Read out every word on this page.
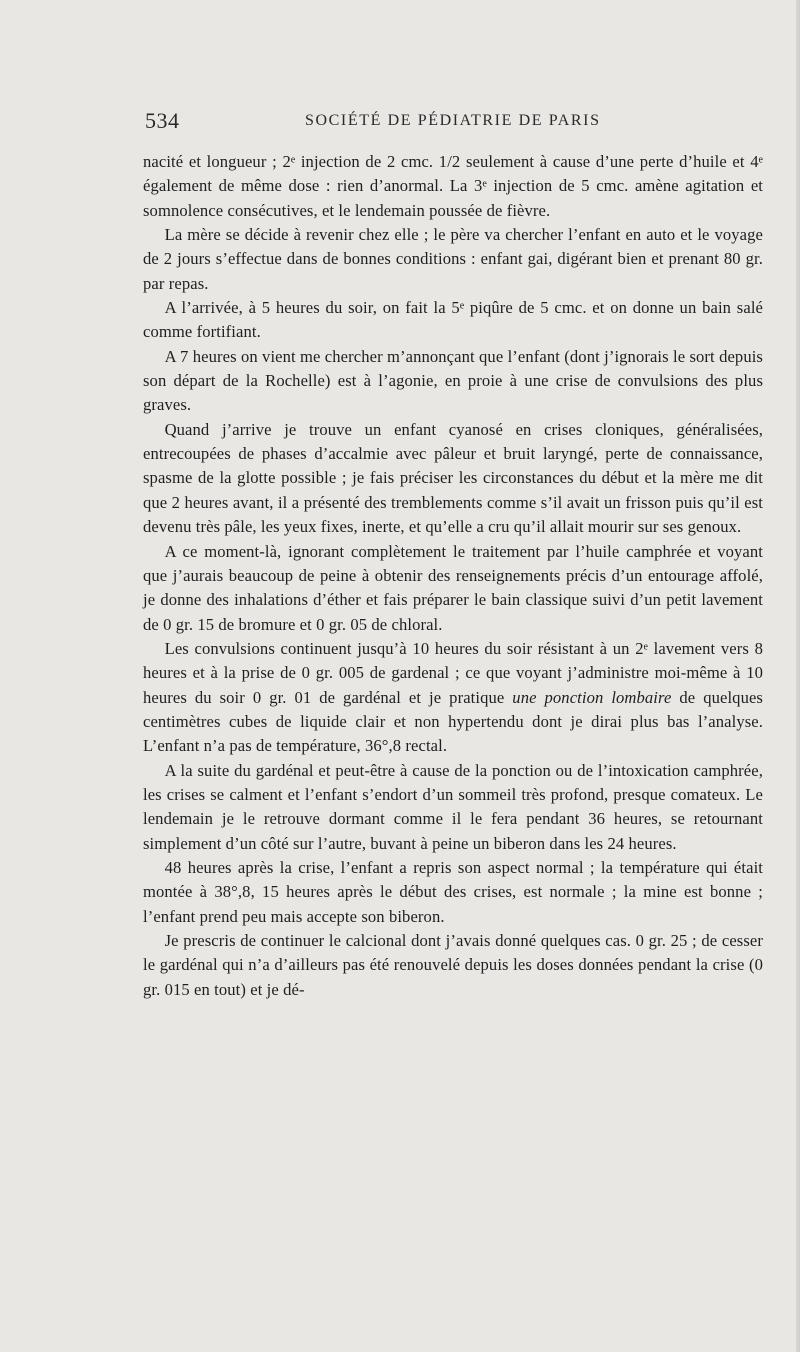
534	SOCIÉTÉ DE PÉDIATRIE DE PARIS

nacité et longueur ; 2ᵉ injection de 2 cmc. 1/2 seulement à cause d’une perte d’huile et 4ᵉ également de même dose : rien d’anormal. La 3ᵉ injection de 5 cmc. amène agitation et somnolence consécutives, et le lendemain poussée de fièvre.

La mère se décide à revenir chez elle ; le père va chercher l’enfant en auto et le voyage de 2 jours s’effectue dans de bonnes conditions : enfant gai, digérant bien et prenant 80 gr. par repas.

A l’arrivée, à 5 heures du soir, on fait la 5ᵉ piqûre de 5 cmc. et on donne un bain salé comme fortifiant.

A 7 heures on vient me chercher m’annonçant que l’enfant (dont j’ignorais le sort depuis son départ de la Rochelle) est à l’agonie, en proie à une crise de convulsions des plus graves.

Quand j’arrive je trouve un enfant cyanosé en crises cloniques, généralisées, entrecoupées de phases d’accalmie avec pâleur et bruit laryngé, perte de connaissance, spasme de la glotte possible ; je fais préciser les circonstances du début et la mère me dit que 2 heures avant, il a présenté des tremblements comme s’il avait un frisson puis qu’il est devenu très pâle, les yeux fixes, inerte, et qu’elle a cru qu’il allait mourir sur ses genoux.

A ce moment-là, ignorant complètement le traitement par l’huile camphrée et voyant que j’aurais beaucoup de peine à obtenir des renseignements précis d’un entourage affolé, je donne des inhalations d’éther et fais préparer le bain classique suivi d’un petit lavement de 0 gr. 15 de bromure et 0 gr. 05 de chloral.

Les convulsions continuent jusqu’à 10 heures du soir résistant à un 2ᵉ lavement vers 8 heures et à la prise de 0 gr. 005 de gardenal ; ce que voyant j’administre moi-même à 10 heures du soir 0 gr. 01 de gardénal et je pratique une ponction lombaire de quelques centimètres cubes de liquide clair et non hypertendu dont je dirai plus bas l’analyse. L’enfant n’a pas de température, 36°,8 rectal.

A la suite du gardénal et peut-être à cause de la ponction ou de l’intoxication camphrée, les crises se calment et l’enfant s’endort d’un sommeil très profond, presque comateux. Le lendemain je le retrouve dormant comme il le fera pendant 36 heures, se retournant simplement d’un côté sur l’autre, buvant à peine un biberon dans les 24 heures.

48 heures après la crise, l’enfant a repris son aspect normal ; la température qui était montée à 38°,8, 15 heures après le début des crises, est normale ; la mine est bonne ; l’enfant prend peu mais accepte son biberon.

Je prescris de continuer le calcional dont j’avais donné quelques cas. 0 gr. 25 ; de cesser le gardénal qui n’a d’ailleurs pas été renouvelé depuis les doses données pendant la crise (0 gr. 015 en tout) et je dé-
